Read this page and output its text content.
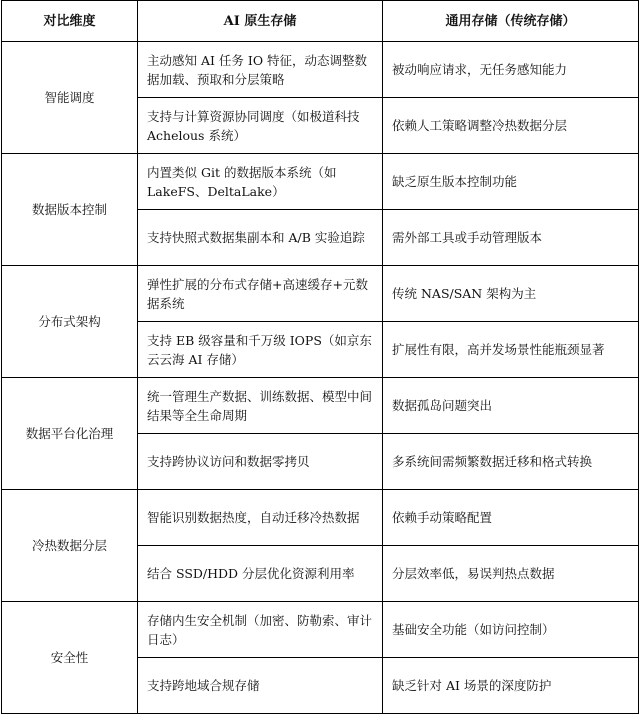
对比维度	AI 原生存储	通用存储（传统存储）
智能调度	主动感知 AI 任务 IO 特征，动态调整数据加载、预取和分层策略	被动响应请求，无任务感知能力
	支持与计算资源协同调度（如极道科技 Achelous 系统）	依赖人工策略调整冷热数据分层
数据版本控制	内置类似 Git 的数据版本系统（如 LakeFS、DeltaLake）	缺乏原生版本控制功能
	支持快照式数据集副本和 A/B 实验追踪	需外部工具或手动管理版本
分布式架构	弹性扩展的分布式存储+高速缓存+元数据系统	传统 NAS/SAN 架构为主
	支持 EB 级容量和千万级 IOPS（如京东云云海 AI 存储）	扩展性有限，高并发场景性能瓶颈显著
数据平台化治理	统一管理生产数据、训练数据、模型中间结果等全生命周期	数据孤岛问题突出
	支持跨协议访问和数据零拷贝	多系统间需频繁数据迁移和格式转换
冷热数据分层	智能识别数据热度，自动迁移冷热数据	依赖手动策略配置
	结合 SSD/HDD 分层优化资源利用率	分层效率低，易误判热点数据
安全性	存储内生安全机制（加密、防勒索、审计日志）	基础安全功能（如访问控制）
	支持跨地域合规存储	缺乏针对 AI 场景的深度防护
